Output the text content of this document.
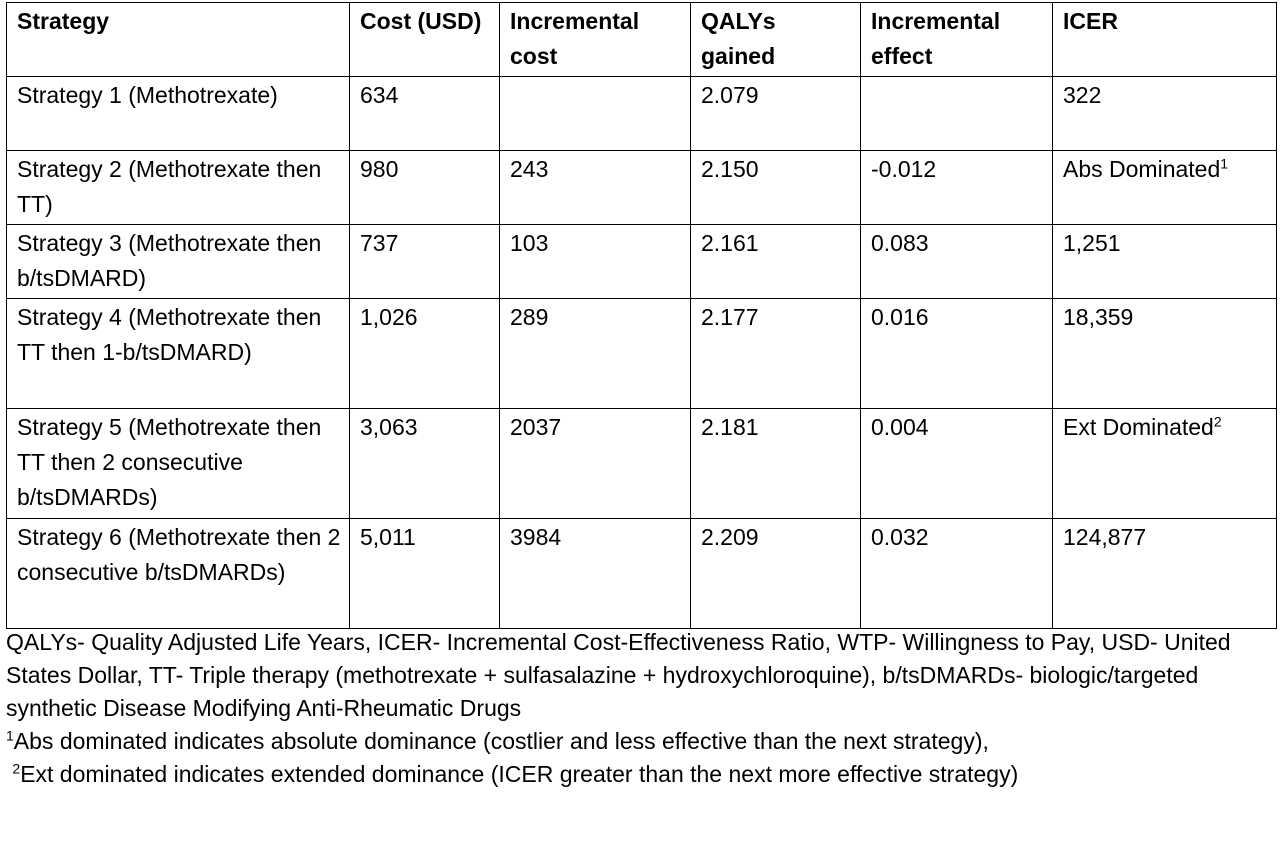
Strategy	Cost (USD)	Incremental cost	QALYs gained	Incremental effect	ICER
Strategy 1 (Methotrexate)	634		2.079		322
Strategy 2 (Methotrexate then TT)	980	243	2.150	-0.012	Abs Dominated$^1$
Strategy 3 (Methotrexate then b/tsDMARD)	737	103	2.161	0.083	1,251
Strategy 4 (Methotrexate then TT then 1-b/tsDMARD)	1,026	289	2.177	0.016	18,359
Strategy 5 (Methotrexate then TT then 2 consecutive b/tsDMARDs)	3,063	2037	2.181	0.004	Ext Dominated$^2$
Strategy 6 (Methotrexate then 2 consecutive b/tsDMARDs)	5,011	3984	2.209	0.032	124,877

QALYs- Quality Adjusted Life Years, ICER- Incremental Cost-Effectiveness Ratio, WTP- Willingness to Pay, USD- United States Dollar, TT- Triple therapy (methotrexate + sulfasalazine + hydroxychloroquine), b/tsDMARDs- biologic/targeted synthetic Disease Modifying Anti-Rheumatic Drugs

$^1$Abs dominated indicates absolute dominance (costlier and less effective than the next strategy),

$^2$Ext dominated indicates extended dominance (ICER greater than the next more effective strategy)
